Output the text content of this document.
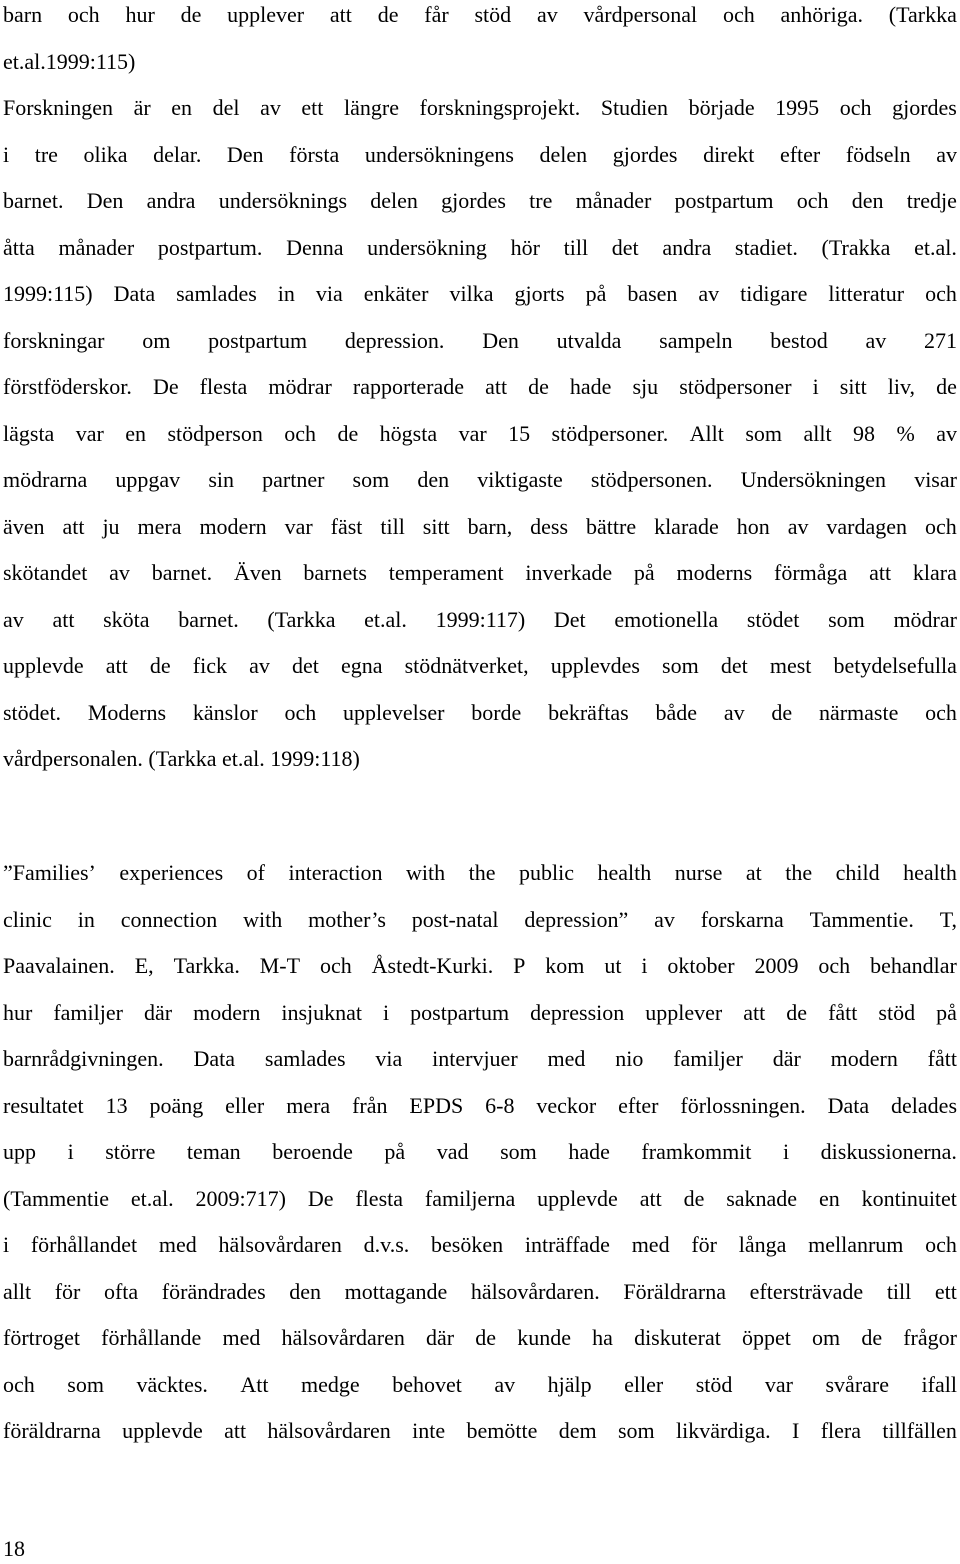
barn och hur de upplever att de får stöd av vårdpersonal och anhöriga. (Tarkka
et.al.1999:115)
Forskningen är en del av ett längre forskningsprojekt. Studien började 1995 och gjordes
i tre olika delar. Den första undersökningens delen gjordes direkt efter födseln av
barnet. Den andra undersöknings delen gjordes tre månader postpartum och den tredje
åtta månader postpartum. Denna undersökning hör till det andra stadiet. (Trakka et.al.
1999:115) Data samlades in via enkäter vilka gjorts på basen av tidigare litteratur och
forskningar om postpartum depression. Den utvalda sampeln bestod av 271
förstföderskor. De flesta mödrar rapporterade att de hade sju stödpersoner i sitt liv, de
lägsta var en stödperson och de högsta var 15 stödpersoner. Allt som allt 98 % av
mödrarna uppgav sin partner som den viktigaste stödpersonen. Undersökningen visar
även att ju mera modern var fäst till sitt barn, dess bättre klarade hon av vardagen och
skötandet av barnet. Även barnets temperament inverkade på moderns förmåga att klara
av att sköta barnet. (Tarkka et.al. 1999:117) Det emotionella stödet som mödrar
upplevde att de fick av det egna stödnätverket, upplevdes som det mest betydelsefulla
stödet. Moderns känslor och upplevelser borde bekräftas både av de närmaste och
vårdpersonalen. (Tarkka et.al. 1999:118)
”Families’ experiences of interaction with the public health nurse at the child health
clinic in connection with mother’s post-natal depression” av forskarna Tammentie. T,
Paavalainen. E, Tarkka. M-T och Åstedt-Kurki. P kom ut i oktober 2009 och behandlar
hur familjer där modern insjuknat i postpartum depression upplever att de fått stöd på
barnrådgivningen. Data samlades via intervjuer med nio familjer där modern fått
resultatet 13 poäng eller mera från EPDS 6-8 veckor efter förlossningen. Data delades
upp i större teman beroende på vad som hade framkommit i diskussionerna.
(Tammentie et.al. 2009:717) De flesta familjerna upplevde att de saknade en kontinuitet
i förhållandet med hälsovårdaren d.v.s. besöken inträffade med för långa mellanrum och
allt för ofta förändrades den mottagande hälsovårdaren. Föräldrarna eftersträvade till ett
förtroget förhållande med hälsovårdaren där de kunde ha diskuterat öppet om de frågor
och som väcktes. Att medge behovet av hjälp eller stöd var svårare ifall
föräldrarna upplevde att hälsovårdaren inte bemötte dem som likvärdiga. I flera tillfällen
18
